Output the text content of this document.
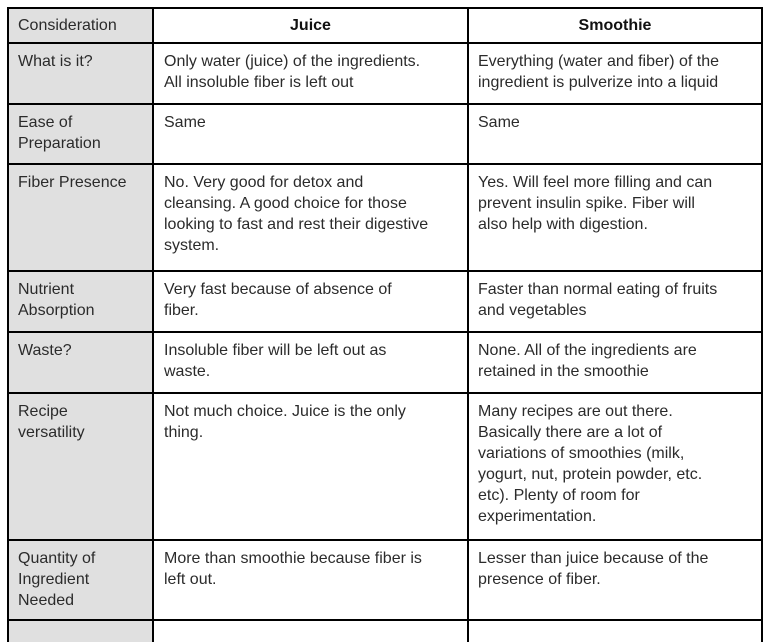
Consideration	Juice	Smoothie
What is it?	Only water (juice) of the ingredients. All insoluble fiber is left out	Everything (water and fiber) of the ingredient is pulverize into a liquid
Ease of Preparation	Same	Same
Fiber Presence	No. Very good for detox and cleansing. A good choice for those looking to fast and rest their digestive system.	Yes. Will feel more filling and can prevent insulin spike. Fiber will also help with digestion.
Nutrient Absorption	Very fast because of absence of fiber.	Faster than normal eating of fruits and vegetables
Waste?	Insoluble fiber will be left out as waste.	None. All of the ingredients are retained in the smoothie
Recipe versatility	Not much choice. Juice is the only thing.	Many recipes are out there. Basically there are a lot of variations of smoothies (milk, yogurt, nut, protein powder, etc. etc). Plenty of room for experimentation.
Quantity of Ingredient Needed	More than smoothie because fiber is left out.	Lesser than juice because of the presence of fiber.
